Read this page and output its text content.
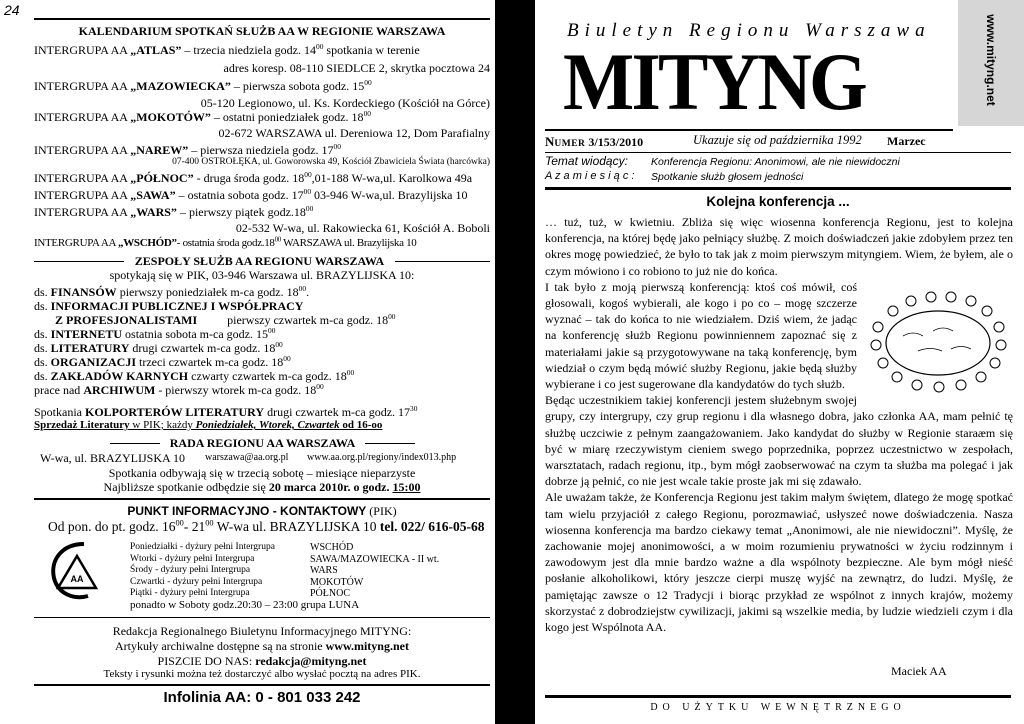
24
KALENDARIUM SPOTKAŃ SŁUŻB AA W REGIONIE WARSZAWA
INTERGRUPA AA „ATLAS” – trzecia niedziela godz. $14^{00}$ spotkania w terenie
adres koresp. 08-110 SIEDLCE 2, skrytka pocztowa 24
INTERGRUPA AA „MAZOWIECKA” – pierwsza sobota godz. $15^{00}$
05-120 Legionowo, ul. Ks. Kordeckiego (Kościół na Górce)
INTERGRUPA AA „MOKOTÓW” – ostatni poniedziałek godz. $18^{00}$
02-672 WARSZAWA ul. Dereniowa 12, Dom Parafialny
INTERGRUPA AA „NAREW” – pierwsza niedziela godz. $17^{00}$
07-400 OSTROŁĘKA, ul. Goworowska 49, Kościół Zbawiciela Świata (harcówka)
INTERGRUPA AA „PÓŁNOC” - druga środa godz. $18^{00},01-188$ W-wa,ul. Karolkowa 49a
INTERGRUPA AA „SAWA” – ostatnia sobota godz. $17^{00}$ 03-946 W-wa,ul. Brazylijska 10
INTERGRUPA AA „WARS” – pierwszy piątek $godz.18^{00}$
02-532 W-wa, ul. Rakowiecka 61, Kościół A. Boboli
INTERGRUPA AA „WSCHÓD”- ostatnia środa $godz.18^{00}$ WARSZAWA ul. Brazylijska 10
ZESPOŁY SŁUŻB AA REGIONU WARSZAWA
spotykają się w PIK, 03-946 Warszawa ul. BRAZYLIJSKA 10:
ds. FINANSÓW pierwszy poniedziałek m-ca godz. $18^{00}$.
ds. INFORMACJI PUBLICZNEJ I WSPÓŁPRACY
Z PROFESJONALISTAMI          pierwszy czwartek m-ca godz. $18^{00}$
ds. INTERNETU ostatnia sobota m-ca godz. $15^{00}$
ds. LITERATURY drugi czwartek m-ca godz. $18^{00}$
ds. ORGANIZACJI trzeci czwartek m-ca godz. $18^{00}$
ds. ZAKŁADÓW KARNYCH czwarty czwartek m-ca godz. $18^{00}$
prace nad ARCHIWUM - pierwszy wtorek m-ca godz. $18^{00}$
Spotkania KOLPORTERÓW LITERATURY drugi czwartek m-ca godz. $17^{30}$
Sprzedaż Literatury w PIK; każdy Poniedziałek, Wtorek, Czwartek od 16-oo
RADA REGIONU AA WARSZAWA
W-wa, ul. BRAZYLIJSKA 10 warszawa@aa.org.pl www.aa.org.pl/regiony/index013.php
Spotkania odbywają się w trzecią sobotę – miesiące nieparzyste
Najbliższe spotkanie odbędzie się 20 marca 2010r. o godz. 15:00
PUNKT INFORMACYJNO - KONTAKTOWY (PIK)
Od pon. do pt. godz. $16^{00}-$ $21^{00}$ W-wa ul. BRAZYLIJSKA 10 tel. 022/ 616-05-68
AA
Poniedziałki - dyżury pełni Intergrupa
Wtorki - dyżury pełni Intergrupa
Środy - dyżury pełni Intergrupa
Czwartki - dyżury pełni Intergrupa
Piątki - dyżury pełni Intergrupa
WSCHÓD
SAWA/MAZOWIECKA - II wt.
WARS
MOKOTÓW
PÓŁNOC
ponadto w Soboty godz.20:30 – 23:00 grupa LUNA
Redakcja Regionalnego Biuletynu Informacyjnego MITYNG:
Artykuły archiwalne dostępne są na stronie www.mityng.net
PISZCIE DO NAS: redakcja@mityng.net
Teksty i rysunki można też dostarczyć albo wysłać pocztą na adres PIK.
Infolinia AA: 0 - 801 033 242
Biuletyn Regionu Warszawa
MITYNG	www.mityng.net
NUMER 3/153/2010	Ukazuje się od października 1992 Marzec
Temat wiodący: Konferencja Regionu: Anonimowi, ale nie niewidoczni
A z a m i e s i ą c : Spotkanie służb głosem jedności
Kolejna konferencja ...

… tuż, tuż, w kwietniu. Zbliża się więc wiosenna konferencja Regionu, jest to kolejna konferencja, na której będę jako pełniący służbę. Z moich doświadczeń jakie zdobyłem przez ten okres mogę powiedzieć, że było to tak jak z moim pierwszym mityngiem. Wiem, że byłem, ale o czym mówiono i co robiono to już nie do końca.

I tak było z moją pierwszą konferencją: ktoś coś mówił, coś głosowali, kogoś wybierali, ale kogo i po co – mogę szczerze wyznać – tak do końca to nie wiedziałem. Dziś wiem, że jadąc na konferencję służb Regionu powinniennem zapoznać się z materiałami jakie są przygotowywane na taką konferencję, bym wiedział o czym będą mówić służby Regionu, jakie będą służby wybierane i co jest sugerowane dla kandydatów do tych służb.

Będąc uczestnikiem takiej konferencji jestem służebnym swojej grupy, czy intergrupy, czy grup regionu i dla własnego dobra, jako członka AA, mam pełnić tę służbę uczciwie z pełnym zaangażowaniem. Jako kandydat do służby w Regionie staraæm się być w miarę rzeczywistym cieniem swego poprzednika, poprzez uczestnictwo w zespołach, warsztatach, radach regionu, itp., bym mógł zaobserwować na czym ta służba ma polegać i jak dobrze ją pełnić, co nie jest wcale takie proste jak mi się zdawało.

Ale uważam także, że Konferencja Regionu jest takim małym świętem, dlatego że mogę spotkać tam wielu przyjaciół z całego Regionu, porozmawiać, usłyszeć nowe doświadczenia. Nasza wiosenna konferencja ma bardzo ciekawy temat „Anonimowi, ale nie niewidoczni”. Myślę, że zachowanie mojej anonimowości, a w moim rozumieniu prywatności w życiu rodzinnym i zawodowym jest dla mnie bardzo ważne a dla wspólnoty bezpieczne. Ale bym mógł nieść posłanie alkoholikowi, który jeszcze cierpi muszę wyjść na zewnątrz, do ludzi. Myślę, że pamiętając zawsze o 12 Tradycji i biorąc przykład ze wspólnot z innych krajów, możemy skorzystać z dobrodziejstw cywilizacji, jakimi są wszelkie media, by ludzie wiedzieli czym i dla kogo jest Wspólnota AA.

Maciek AA
DO UŻYTKU WEWNĘTRZNEGO
